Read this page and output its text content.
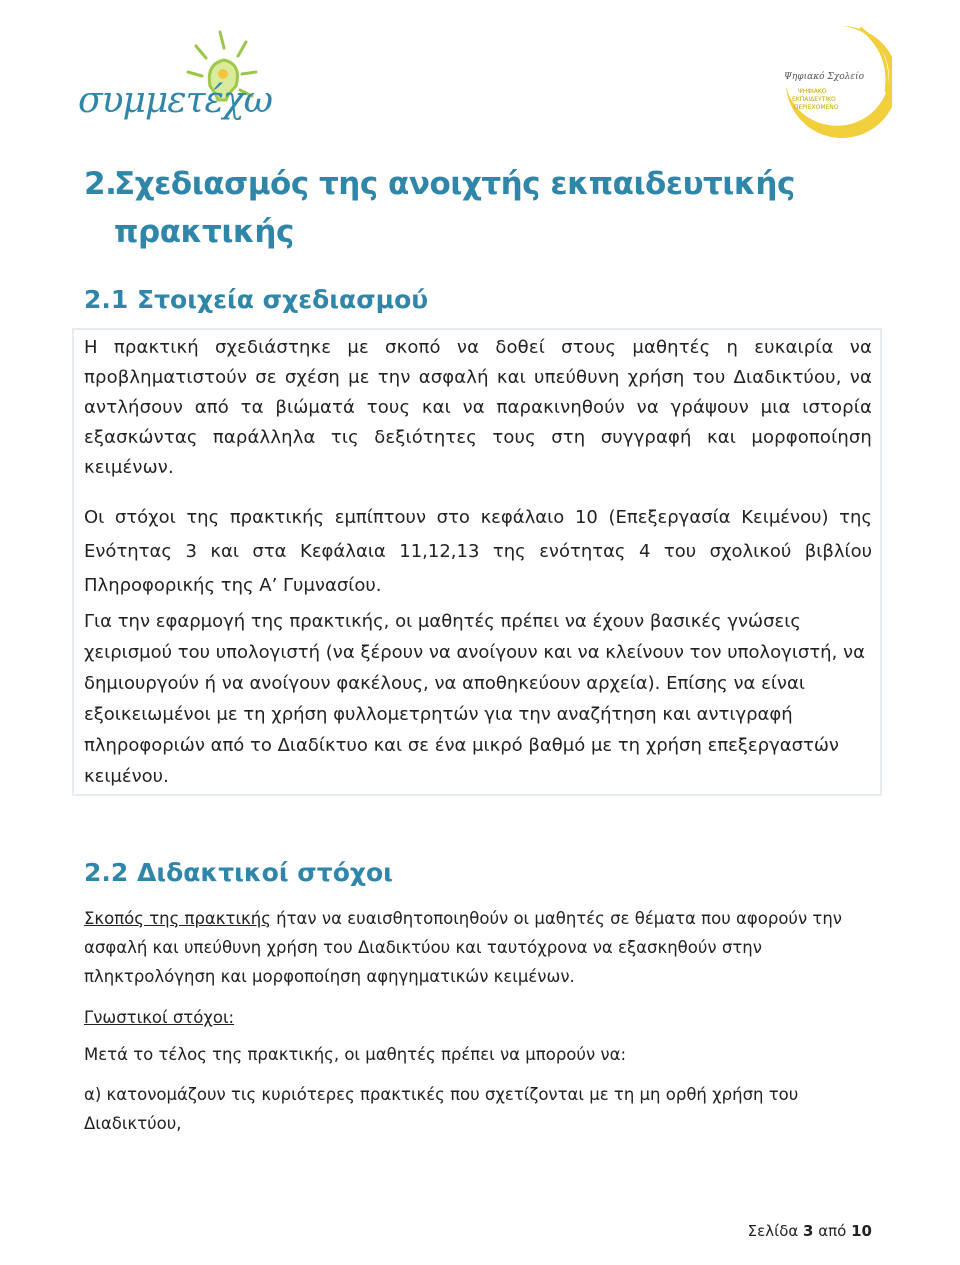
συμμετέχω
Ψηφιακό Σχολείο
ΨΗΦΙΑΚΟ
ΕΚΠΑΙΔΕΥΤΙΚΟ
ΠΕΡΙΕΧΟΜΕΝΟ
2.Σχεδιασμός της ανοιχτής εκπαιδευτικής
πρακτικής
2.1 Στοιχεία σχεδιασμού

Η πρακτική σχεδιάστηκε με σκοπό να δοθεί στους μαθητές η ευκαιρία να προβληματιστούν σε σχέση με την ασφαλή και υπεύθυνη χρήση του Διαδικτύου, να αντλήσουν από τα βιώματά τους και να παρακινηθούν να γράψουν μια ιστορία εξασκώντας παράλληλα τις δεξιότητες τους στη συγγραφή και μορφοποίηση κειμένων.

Οι στόχοι της πρακτικής εμπίπτουν στο κεφάλαιο 10 (Επεξεργασία Κειμένου) της Ενότητας 3 και στα Κεφάλαια 11,12,13 της ενότητας 4 του σχολικού βιβλίου Πληροφορικής της Α’ Γυμνασίου.

Για την εφαρμογή της πρακτικής, οι μαθητές πρέπει να έχουν βασικές γνώσεις χειρισμού του υπολογιστή (να ξέρουν να ανοίγουν και να κλείνουν τον υπολογιστή, να δημιουργούν ή να ανοίγουν φακέλους, να αποθηκεύουν αρχεία). Επίσης να είναι εξοικειωμένοι με τη χρήση φυλλομετρητών για την αναζήτηση και αντιγραφή πληροφοριών από το Διαδίκτυο και σε ένα μικρό βαθμό με τη χρήση επεξεργαστών κειμένου.

2.2 Διδακτικοί στόχοι

Σκοπός της πρακτικής ήταν να ευαισθητοποιηθούν οι μαθητές σε θέματα που αφορούν την ασφαλή και υπεύθυνη χρήση του Διαδικτύου και ταυτόχρονα να εξασκηθούν στην πληκτρολόγηση και μορφοποίηση αφηγηματικών κειμένων.

Γνωστικοί στόχοι:

Μετά το τέλος της πρακτικής, οι μαθητές πρέπει να μπορούν να:

α) κατονομάζουν τις κυριότερες πρακτικές που σχετίζονται με τη μη ορθή χρήση του Διαδικτύου,

Σελίδα 3 από 10
